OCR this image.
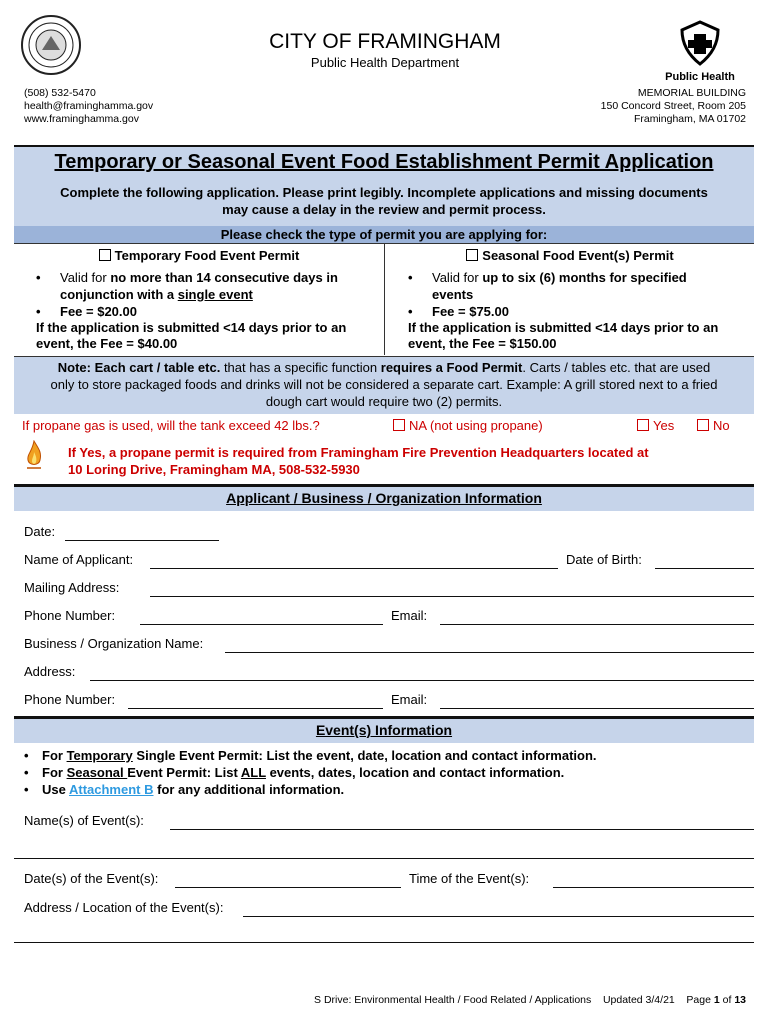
Public Health
CITY OF FRAMINGHAM
Public Health Department
(508) 532-5470
health@framinghamma.gov
www.framinghamma.gov
MEMORIAL BUILDING
150 Concord Street, Room 205
Framingham, MA 01702
Temporary or Seasonal Event Food Establishment Permit Application
Complete the following application. Please print legibly. Incomplete applications and missing documents
may cause a delay in the review and permit process.
Please check the type of permit you are applying for:
Temporary Food Event Permit
• Valid for no more than 14 consecutive days in
conjunction with a single event
• Fee = $20.00
If the application is submitted <14 days prior to an
event, the Fee = $40.00
Seasonal Food Event(s) Permit
• Valid for up to six (6) months for specified
events
• Fee = $75.00
If the application is submitted <14 days prior to an
event, the Fee = $150.00
Note: Each cart / table etc. that has a specific function requires a Food Permit. Carts / tables etc. that are used
only to store packaged foods and drinks will not be considered a separate cart. Example: A grill stored next to a fried
dough cart would require two (2) permits.
If propane gas is used, will the tank exceed 42 lbs.?	NA (not using propane)	Yes	No
If Yes, a propane permit is required from Framingham Fire Prevention Headquarters located at
10 Loring Drive, Framingham MA, 508-532-5930
Applicant / Business / Organization Information
Date:
Name of Applicant:	Date of Birth:
Mailing Address:
Phone Number:	Email:
Business / Organization Name:
Address:
Phone Number:	Email:
Event(s) Information
• For Temporary Single Event Permit: List the event, date, location and contact information.
• For Seasonal Event Permit: List ALL events, dates, location and contact information.
• Use Attachment B for any additional information.
Name(s) of Event(s):
Date(s) of the Event(s):	Time of the Event(s):
Address / Location of the Event(s):
S Drive: Environmental Health / Food Related / Applications Updated 3/4/21 Page 1 of 13
